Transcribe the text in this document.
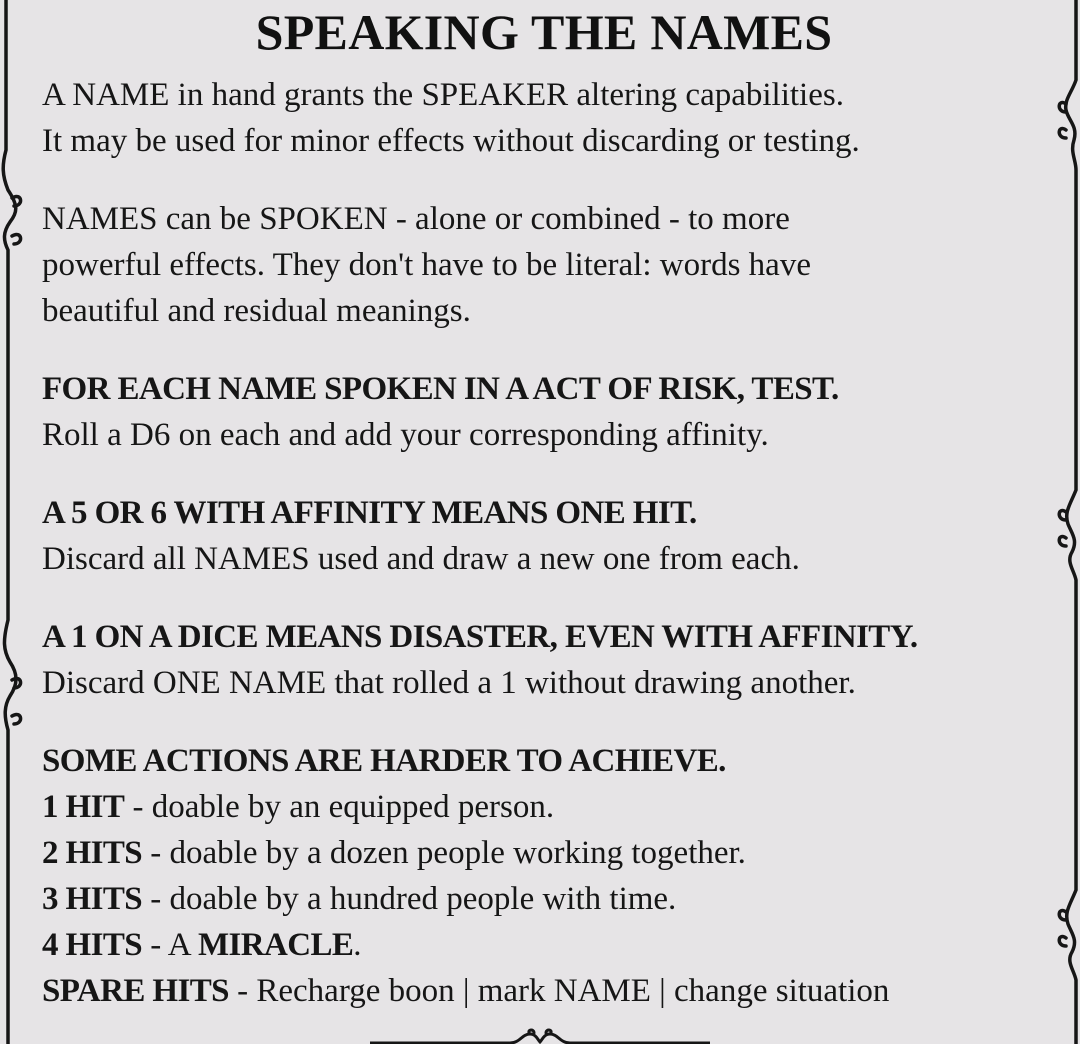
SPEAKING THE NAMES

A NAME in hand grants the SPEAKER altering capabilities.
It may be used for minor effects without discarding or testing.

NAMES can be SPOKEN - alone or combined - to more
powerful effects. They don't have to be literal: words have
beautiful and residual meanings.

FOR EACH NAME SPOKEN IN A ACT OF RISK, TEST.
Roll a D6 on each and add your corresponding affinity.

A 5 OR 6 WITH AFFINITY MEANS ONE HIT.
Discard all NAMES used and draw a new one from each.

A 1 ON A DICE MEANS DISASTER, EVEN WITH AFFINITY.
Discard ONE NAME that rolled a 1 without drawing another.

SOME ACTIONS ARE HARDER TO ACHIEVE.
1 HIT - doable by an equipped person.
2 HITS - doable by a dozen people working together.
3 HITS - doable by a hundred people with time.
4 HITS - A MIRACLE.
SPARE HITS - Recharge boon | mark NAME | change situation
